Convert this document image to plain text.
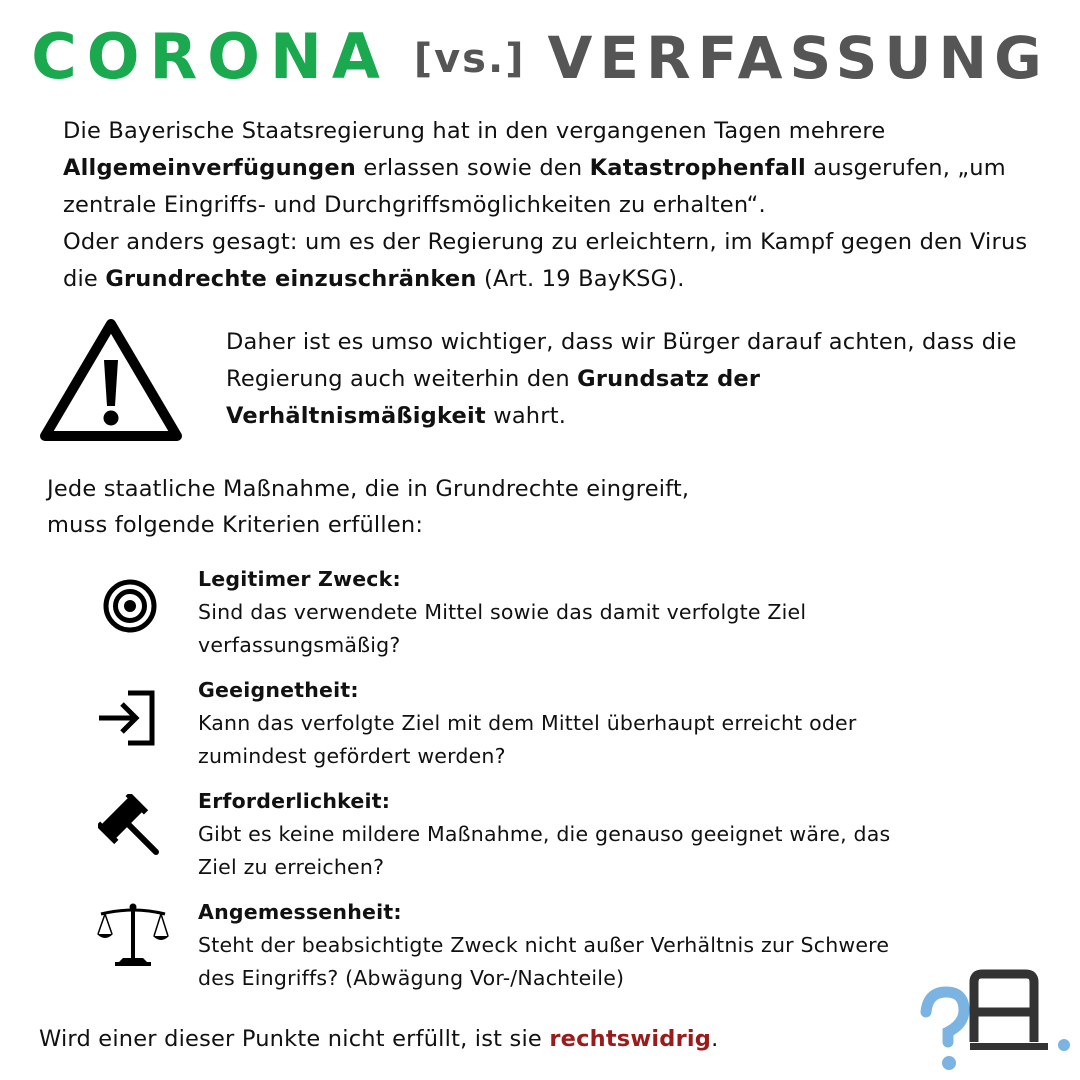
CORONA [vs.] VERFASSUNG

Die Bayerische Staatsregierung hat in den vergangenen Tagen mehrere Allgemeinverfügungen erlassen sowie den Katastrophenfall ausgerufen, „um zentrale Eingriffs- und Durchgriffsmöglichkeiten zu erhalten“.
Oder anders gesagt: um es der Regierung zu erleichtern, im Kampf gegen den Virus die Grundrechte einzuschränken (Art. 19 BayKSG).

Daher ist es umso wichtiger, dass wir Bürger darauf achten, dass die Regierung auch weiterhin den Grundsatz der Verhältnismäßigkeit wahrt.

Jede staatliche Maßnahme, die in Grundrechte eingreift,
muss folgende Kriterien erfüllen:

Legitimer Zweck:
Sind das verwendete Mittel sowie das damit verfolgte Ziel verfassungsmäßig?
Geeignetheit:
Kann das verfolgte Ziel mit dem Mittel überhaupt erreicht oder zumindest gefördert werden?
Erforderlichkeit:
Gibt es keine mildere Maßnahme, die genauso geeignet wäre, das Ziel zu erreichen?
Angemessenheit:
Steht der beabsichtigte Zweck nicht außer Verhältnis zur Schwere des Eingriffs? (Abwägung Vor-/Nachteile)

Wird einer dieser Punkte nicht erfüllt, ist sie rechtswidrig.
